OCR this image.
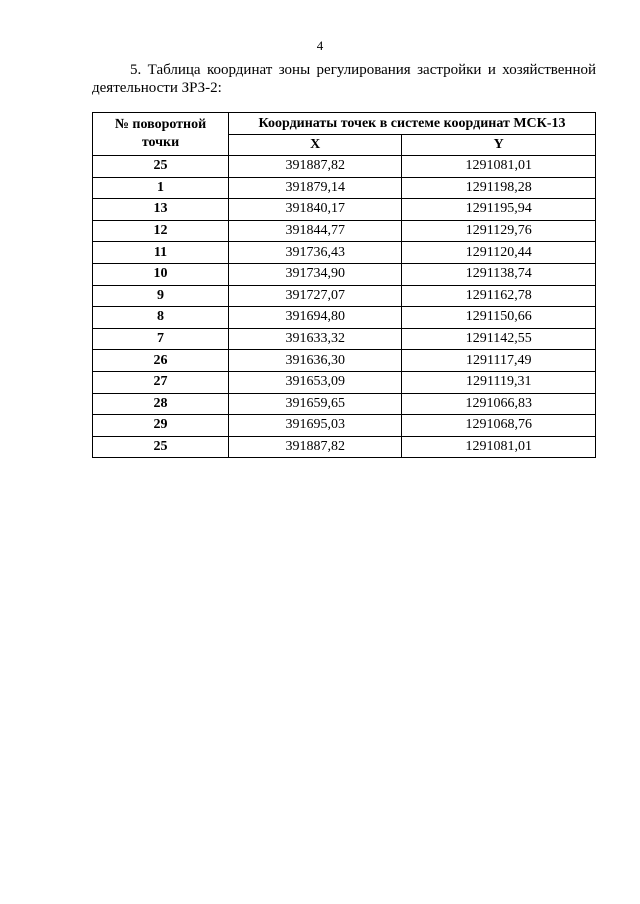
4
5. Таблица координат зоны регулирования застройки и хозяйственной деятельности ЗРЗ-2:
№ поворотной
точки	Координаты точек в системе координат МСК-13	
	X	Y
25	391887,82	1291081,01
1	391879,14	1291198,28
13	391840,17	1291195,94
12	391844,77	1291129,76
11	391736,43	1291120,44
10	391734,90	1291138,74
9	391727,07	1291162,78
8	391694,80	1291150,66
7	391633,32	1291142,55
26	391636,30	1291117,49
27	391653,09	1291119,31
28	391659,65	1291066,83
29	391695,03	1291068,76
25	391887,82	1291081,01
